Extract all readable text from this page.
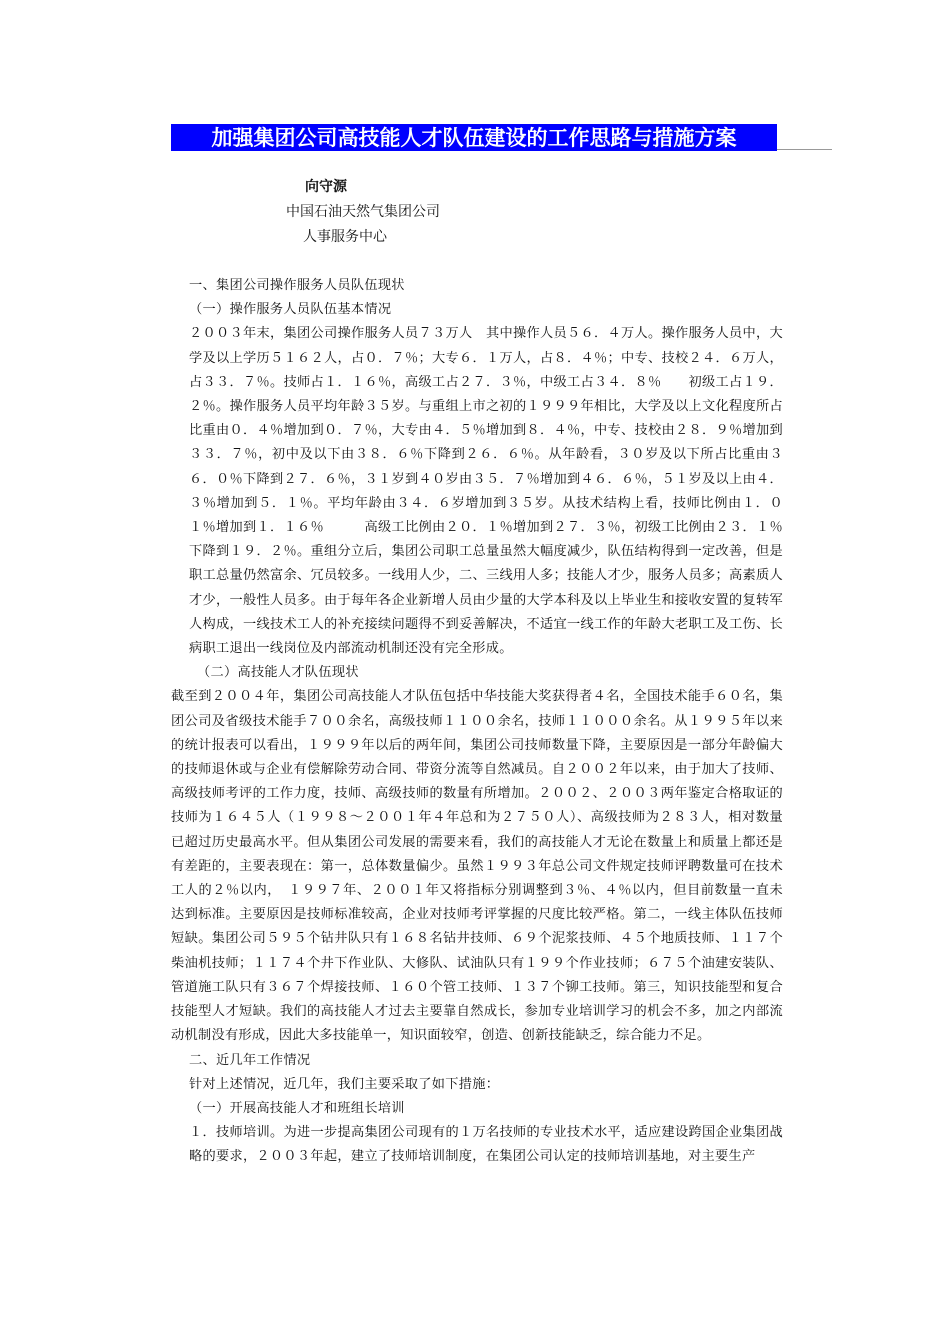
加强集团公司高技能人才队伍建设的工作思路与措施方案
向守源
中国石油天然气集团公司
人事服务中心

一、集团公司操作服务人员队伍现状

（一）操作服务人员队伍基本情况

２００３年末，集团公司操作服务人员７３万人　其中操作人员５６．４万人。操作服务人员中，大学及以上学历５１６２人，占０．７％；大专６．１万人，占８．４％；中专、技校２４．６万人，占３３．７％。技师占１．１６％，高级工占２７．３％，中级工占３４．８％　　初级工占１９．２％。操作服务人员平均年龄３５岁。与重组上市之初的１９９９年相比，大学及以上文化程度所占比重由０．４％增加到０．７％，大专由４．５％增加到８．４％，中专、技校由２８．９％增加到３３．７％，初中及以下由３８．６％下降到２６．６％。从年龄看，３０岁及以下所占比重由３６．０％下降到２７．６％，３１岁到４０岁由３５．７％增加到４６．６％，５１岁及以上由４．３％增加到５．１％。平均年龄由３４．６岁增加到３５岁。从技术结构上看，技师比例由１．０１％增加到１．１６％　　　高级工比例由２０．１％增加到２７．３％，初级工比例由２３．１％下降到１９．２％。重组分立后，集团公司职工总量虽然大幅度减少，队伍结构得到一定改善，但是职工总量仍然富余、冗员较多。一线用人少，二、三线用人多；技能人才少，服务人员多；高素质人才少，一般性人员多。由于每年各企业新增人员由少量的大学本科及以上毕业生和接收安置的复转军人构成，一线技术工人的补充接续问题得不到妥善解决，不适宜一线工作的年龄大老职工及工伤、长病职工退出一线岗位及内部流动机制还没有完全形成。

（二）高技能人才队伍现状

截至到２００４年，集团公司高技能人才队伍包括中华技能大奖获得者４名，全国技术能手６０名，集团公司及省级技术能手７００余名，高级技师１１００余名，技师１１０００余名。从１９９５年以来的统计报表可以看出，１９９９年以后的两年间，集团公司技师数量下降，主要原因是一部分年龄偏大的技师退休或与企业有偿解除劳动合同、带资分流等自然减员。自２００２年以来，由于加大了技师、高级技师考评的工作力度，技师、高级技师的数量有所增加。２００２、２００３两年鉴定合格取证的技师为１６４５人（１９９８～２００１年４年总和为２７５０人）、高级技师为２８３人，相对数量已超过历史最高水平。但从集团公司发展的需要来看，我们的高技能人才无论在数量上和质量上都还是有差距的，主要表现在：第一，总体数量偏少。虽然１９９３年总公司文件规定技师评聘数量可在技术工人的２％以内，　１９９７年、２００１年又将指标分别调整到３％、４％以内，但目前数量一直未达到标准。主要原因是技师标准较高，企业对技师考评掌握的尺度比较严格。第二，一线主体队伍技师短缺。集团公司５９５个钻井队只有１６８名钻井技师、６９个泥浆技师、４５个地质技师、１１７个柴油机技师；１１７４个井下作业队、大修队、试油队只有１９９个作业技师；６７５个油建安装队、管道施工队只有３６７个焊接技师、１６０个管工技师、１３７个铆工技师。第三，知识技能型和复合技能型人才短缺。我们的高技能人才过去主要靠自然成长，参加专业培训学习的机会不多，加之内部流动机制没有形成，因此大多技能单一，知识面较窄，创造、创新技能缺乏，综合能力不足。

二、近几年工作情况

针对上述情况，近几年，我们主要采取了如下措施：

（一）开展高技能人才和班组长培训

１．技师培训。为进一步提高集团公司现有的１万名技师的专业技术水平，适应建设跨国企业集团战略的要求，２００３年起，建立了技师培训制度，在集团公司认定的技师培训基地，对主要生产
